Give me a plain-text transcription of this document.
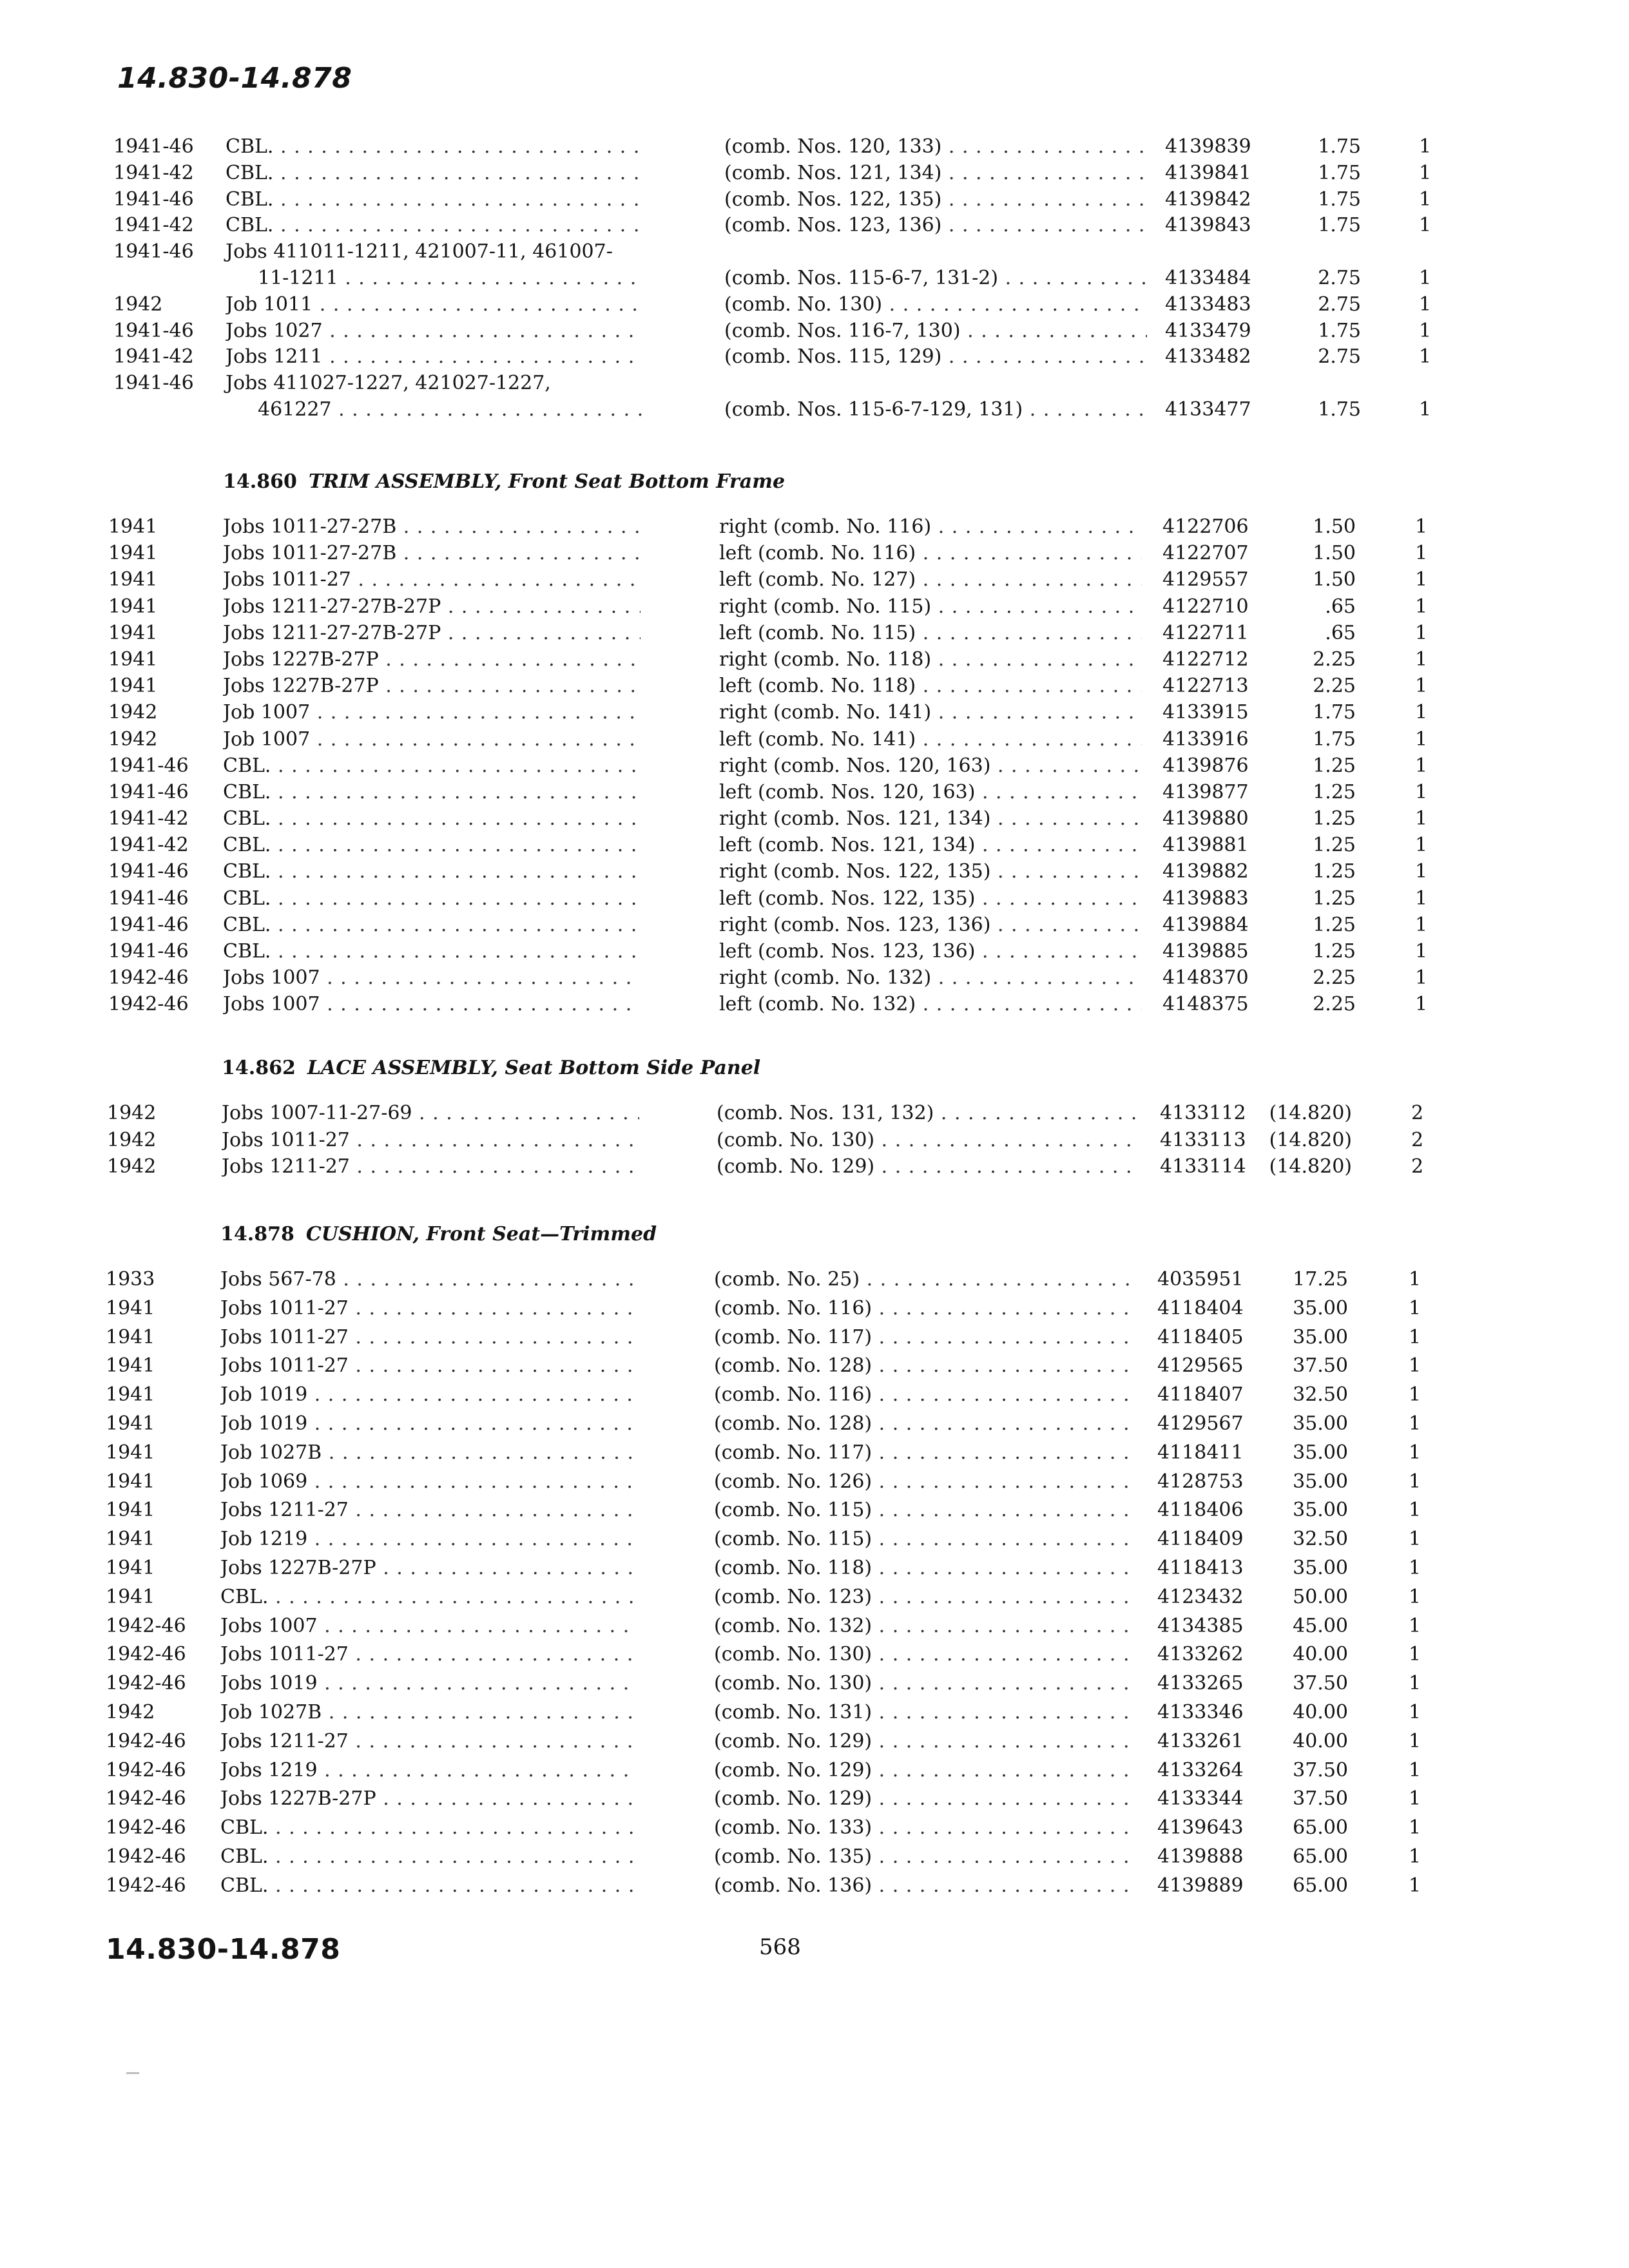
14.830-14.878
1941-46 CBL. . . .	(comb. Nos. 120, 133) . . .	4139839	1.75	1
1941-42 CBL. . . .	(comb. Nos. 121, 134) . . .	4139841	1.75	1
1941-46 CBL. . . .	(comb. Nos. 122, 135) . . .	4139842	1.75	1
1941-42 CBL. . . .	(comb. Nos. 123, 136) . . .	4139843	1.75	1
1941-46 Jobs 411011-1211, 421007-11, 461007-
11-1211 . . .	(comb. Nos. 115-6-7, 131-2) . . .	4133484	2.75	1
1942	Job 1011 . . .	(comb. No. 130) . . .	4133483	2.75	1
1941-46 Jobs 1027 . . .	(comb. Nos. 116-7, 130) . . .	4133479	1.75	1
1941-42 Jobs 1211 . . .	(comb. Nos. 115, 129) . . .	4133482	2.75	1
1941-46 Jobs 411027-1227, 421027-1227,
461227 . . .	(comb. Nos. 115-6-7-129, 131) . . .	4133477	1.75	1
14.860 TRIM ASSEMBLY, Front Seat Bottom Frame
1941	Jobs 1011-27-27B . . .	right (comb. No. 116) . . .	4122706	1.50	1
1941	Jobs 1011-27-27B . . .	left (comb. No. 116) . . .	4122707	1.50	1
1941	Jobs 1011-27 . . .	left (comb. No. 127) . . .	4129557	1.50	1
1941	Jobs 1211-27-27B-27P . . .	right (comb. No. 115) . . .	4122710	.65	1
1941	Jobs 1211-27-27B-27P . . .	left (comb. No. 115) . . .	4122711	.65	1
1941	Jobs 1227B-27P . . .	right (comb. No. 118) . . .	4122712	2.25	1
1941	Jobs 1227B-27P . . .	left (comb. No. 118) . . .	4122713	2.25	1
1942	Job 1007 . . .	right (comb. No. 141) . . .	4133915	1.75	1
1942	Job 1007 . . .	left (comb. No. 141) . . .	4133916	1.75	1
1941-46 CBL. . . .	right (comb. Nos. 120, 163) . . .	4139876	1.25	1
1941-46 CBL. . . .	left (comb. Nos. 120, 163) . . .	4139877	1.25	1
1941-42 CBL. . . .	right (comb. Nos. 121, 134) . . .	4139880	1.25	1
1941-42 CBL. . . .	left (comb. Nos. 121, 134) . . .	4139881	1.25	1
1941-46 CBL. . . .	right (comb. Nos. 122, 135) . . .	4139882	1.25	1
1941-46 CBL. . . .	left (comb. Nos. 122, 135) . . .	4139883	1.25	1
1941-46 CBL. . . .	right (comb. Nos. 123, 136) . . .	4139884	1.25	1
1941-46 CBL. . . .	left (comb. Nos. 123, 136) . . .	4139885	1.25	1
1942-46 Jobs 1007 . . .	right (comb. No. 132) . . .	4148370	2.25	1
1942-46 Jobs 1007 . . .	left (comb. No. 132) . . .	4148375	2.25	1
14.862 LACE ASSEMBLY, Seat Bottom Side Panel
1942	Jobs 1007-11-27-69 . . .	(comb. Nos. 131, 132) . . .	4133112 (14.820)	2
1942	Jobs 1011-27 . . .	(comb. No. 130) . . .	4133113 (14.820)	2
1942	Jobs 1211-27 . . .	(comb. No. 129) . . .	4133114 (14.820)	2
14.878 CUSHION, Front Seat—Trimmed
1933	Jobs 567-78 . . .	(comb. No. 25) . . .	4035951	17.25	1
1941	Jobs 1011-27 . . .	(comb. No. 116) . . .	4118404	35.00	1
1941	Jobs 1011-27 . . .	(comb. No. 117) . . .	4118405	35.00	1
1941	Jobs 1011-27 . . .	(comb. No. 128) . . .	4129565	37.50	1
1941	Job 1019 . . .	(comb. No. 116) . . .	4118407	32.50	1
1941	Job 1019 . . .	(comb. No. 128) . . .	4129567	35.00	1
1941	Job 1027B . . .	(comb. No. 117) . . .	4118411	35.00	1
1941	Job 1069 . . .	(comb. No. 126) . . .	4128753	35.00	1
1941	Jobs 1211-27 . . .	(comb. No. 115) . . .	4118406	35.00	1
1941	Job 1219 . . .	(comb. No. 115) . . .	4118409	32.50	1
1941	Jobs 1227B-27P . . .	(comb. No. 118) . . .	4118413	35.00	1
1941	CBL. . . .	(comb. No. 123) . . .	4123432	50.00	1
1942-46 Jobs 1007 . . .	(comb. No. 132) . . .	4134385	45.00	1
1942-46 Jobs 1011-27 . . .	(comb. No. 130) . . .	4133262	40.00	1
1942-46 Jobs 1019 . . .	(comb. No. 130) . . .	4133265	37.50	1
1942	Job 1027B . . .	(comb. No. 131) . . .	4133346	40.00	1
1942-46 Jobs 1211-27 . . .	(comb. No. 129) . . .	4133261	40.00	1
1942-46 Jobs 1219 . . .	(comb. No. 129) . . .	4133264	37.50	1
1942-46 Jobs 1227B-27P . . .	(comb. No. 129) . . .	4133344	37.50	1
1942-46 CBL. . . .	(comb. No. 133) . . .	4139643	65.00	1
1942-46 CBL. . . .	(comb. No. 135) . . .	4139888	65.00	1
1942-46 CBL. . . .	(comb. No. 136) . . .	4139889	65.00	1
14.830-14.878	568
